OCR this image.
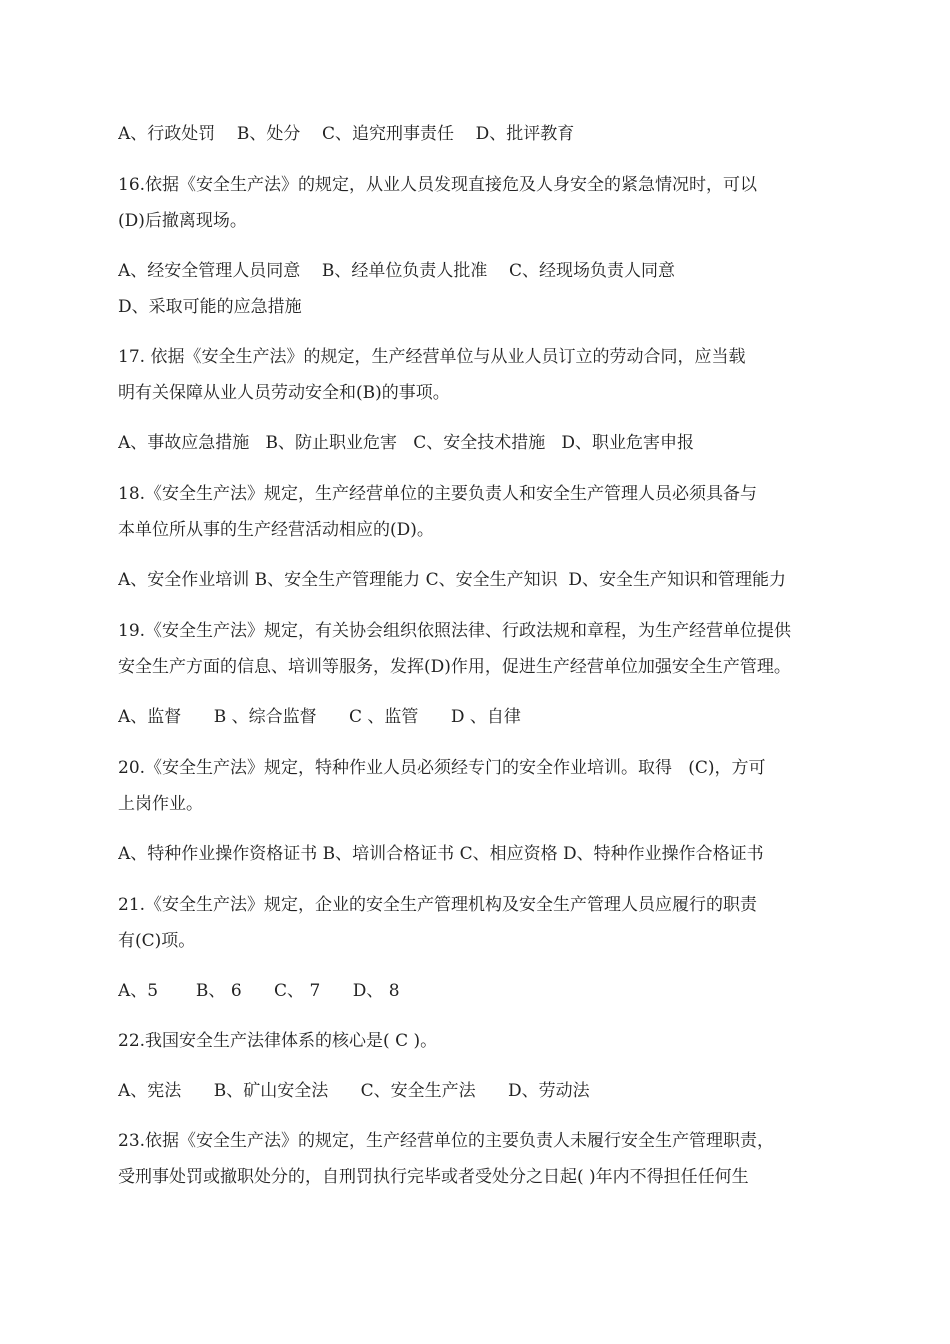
A、行政处罚    B、处分    C、追究刑事责任    D、批评教育
16.依据《安全生产法》的规定，从业人员发现直接危及人身安全的紧急情况时，可以
(D)后撤离现场。
A、经安全管理人员同意    B、经单位负责人批准    C、经现场负责人同意
D、采取可能的应急措施
17. 依据《安全生产法》的规定，生产经营单位与从业人员订立的劳动合同，应当载
明有关保障从业人员劳动安全和(B)的事项。
A、事故应急措施   B、防止职业危害   C、安全技术措施   D、职业危害申报
18.《安全生产法》规定，生产经营单位的主要负责人和安全生产管理人员必须具备与
本单位所从事的生产经营活动相应的(D)。
A、安全作业培训 B、安全生产管理能力 C、安全生产知识  D、安全生产知识和管理能力
19.《安全生产法》规定，有关协会组织依照法律、行政法规和章程，为生产经营单位提供
安全生产方面的信息、培训等服务，发挥(D)作用，促进生产经营单位加强安全生产管理。
A、监督      B 、综合监督      C 、监管      D 、自律
20.《安全生产法》规定，特种作业人员必须经专门的安全作业培训。取得   (C)，方可
上岗作业。
A、特种作业操作资格证书 B、培训合格证书 C、相应资格 D、特种作业操作合格证书
21.《安全生产法》规定，企业的安全生产管理机构及安全生产管理人员应履行的职责
有(C)项。
A、5       B、 6      C、 7      D、 8
22.我国安全生产法律体系的核心是( C )。
A、宪法      B、矿山安全法      C、安全生产法      D、劳动法
23.依据《安全生产法》的规定，生产经营单位的主要负责人未履行安全生产管理职责，
受刑事处罚或撤职处分的，自刑罚执行完毕或者受处分之日起( )年内不得担任任何生
